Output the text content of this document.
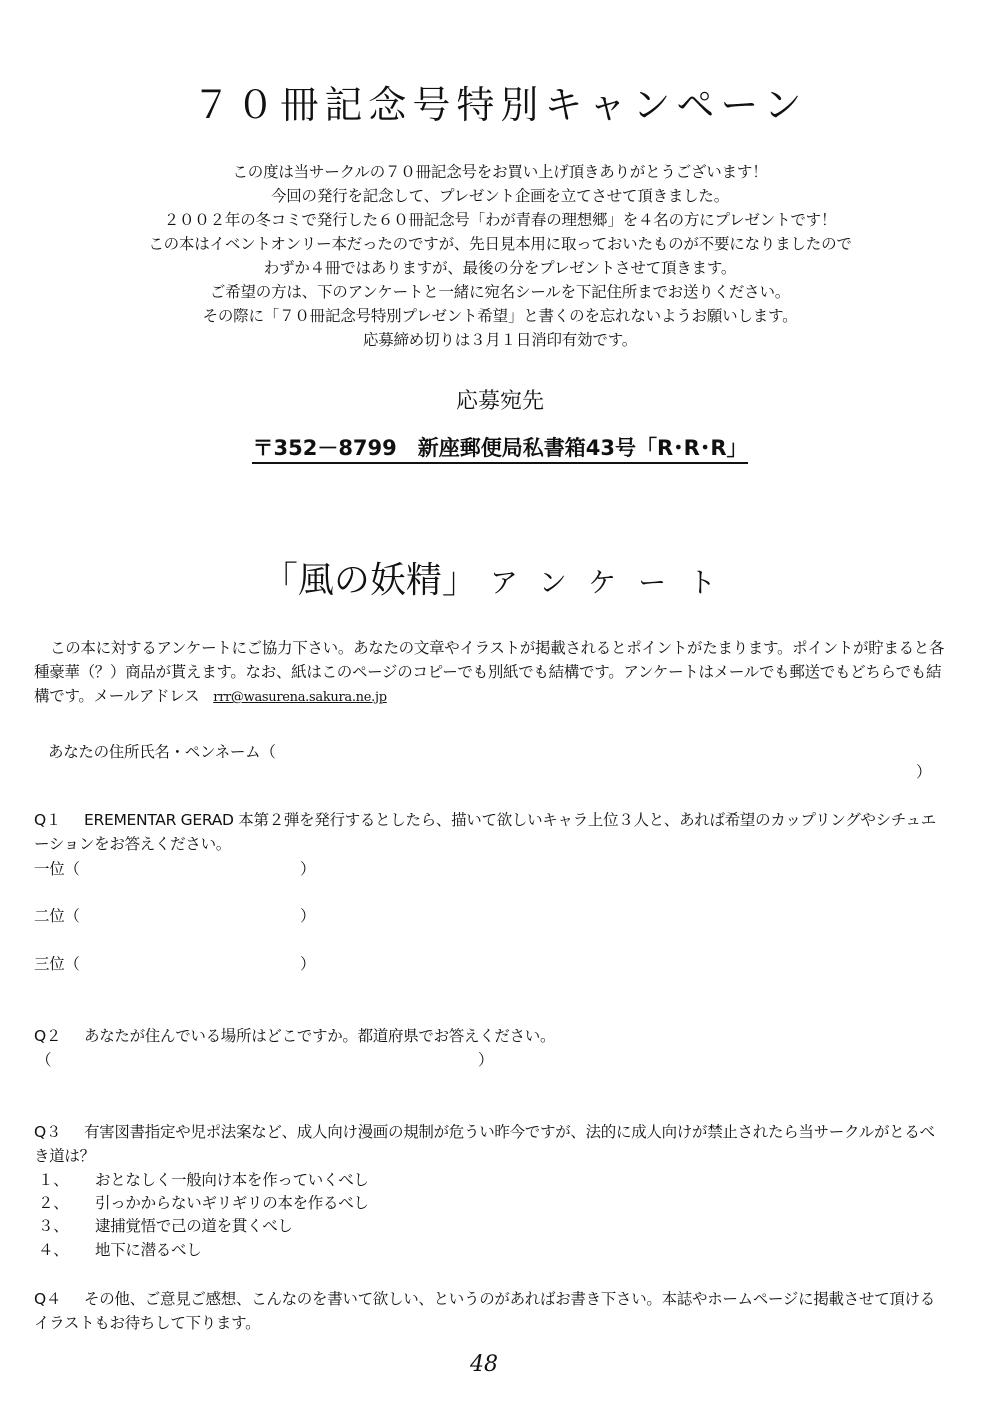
７０冊記念号特別キャンペーン
この度は当サークルの７０冊記念号をお買い上げ頂きありがとうございます！
今回の発行を記念して、プレゼント企画を立てさせて頂きました。
２００２年の冬コミで発行した６０冊記念号「わが青春の理想郷」を４名の方にプレゼントです！
この本はイベントオンリー本だったのですが、先日見本用に取っておいたものが不要になりましたので
わずか４冊ではありますが、最後の分をプレゼントさせて頂きます。
ご希望の方は、下のアンケートと一緒に宛名シールを下記住所までお送りください。
その際に「７０冊記念号特別プレゼント希望」と書くのを忘れないようお願いします。
応募締め切りは３月１日消印有効です。
応募宛先
〒352－8799　新座郵便局私書箱43号「R･R･R」
「風の妖精」 アンケート
この本に対するアンケートにご協力下さい。あなたの文章やイラストが掲載されるとポイントがたまります。ポイントが貯まると各種豪華（？）商品が貰えます。なお、紙はこのページのコピーでも別紙でも結構です。アンケートはメールでも郵送でもどちらでも結構です。メールアドレス rrr@wasurena.sakura.ne.jp
あなたの住所氏名・ペンネーム（
）
Q１ EREMENTAR GERAD 本第２弾を発行するとしたら、描いて欲しいキャラ上位３人と、あれば希望のカップリングやシチュエーションをお答えください。
一位（	）
二位（	）
三位（	）
Q２ あなたが住んでいる場所はどこですか。都道府県でお答えください。
（	）
Q３ 有害図書指定や児ポ法案など、成人向け漫画の規制が危うい昨今ですが、法的に成人向けが禁止されたら当サークルがとるべき道は？
１、 おとなしく一般向け本を作っていくべし
２、 引っかからないギリギリの本を作るべし
３、 逮捕覚悟で己の道を貫くべし
４、 地下に潜るべし
Q４ その他、ご意見ご感想、こんなのを書いて欲しい、というのがあればお書き下さい。本誌やホームページに掲載させて頂けるイラストもお待ちして下ります。
48
